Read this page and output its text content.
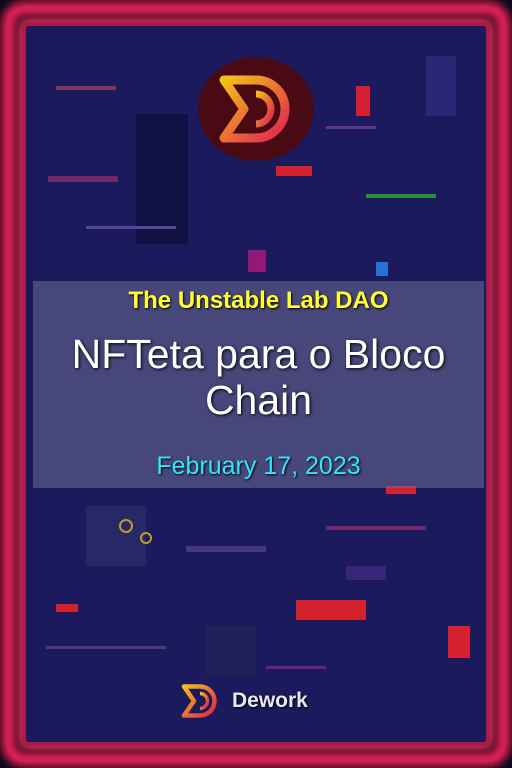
The Unstable Lab DAO
NFTeta para o Bloco Chain
February 17, 2023
Dework
